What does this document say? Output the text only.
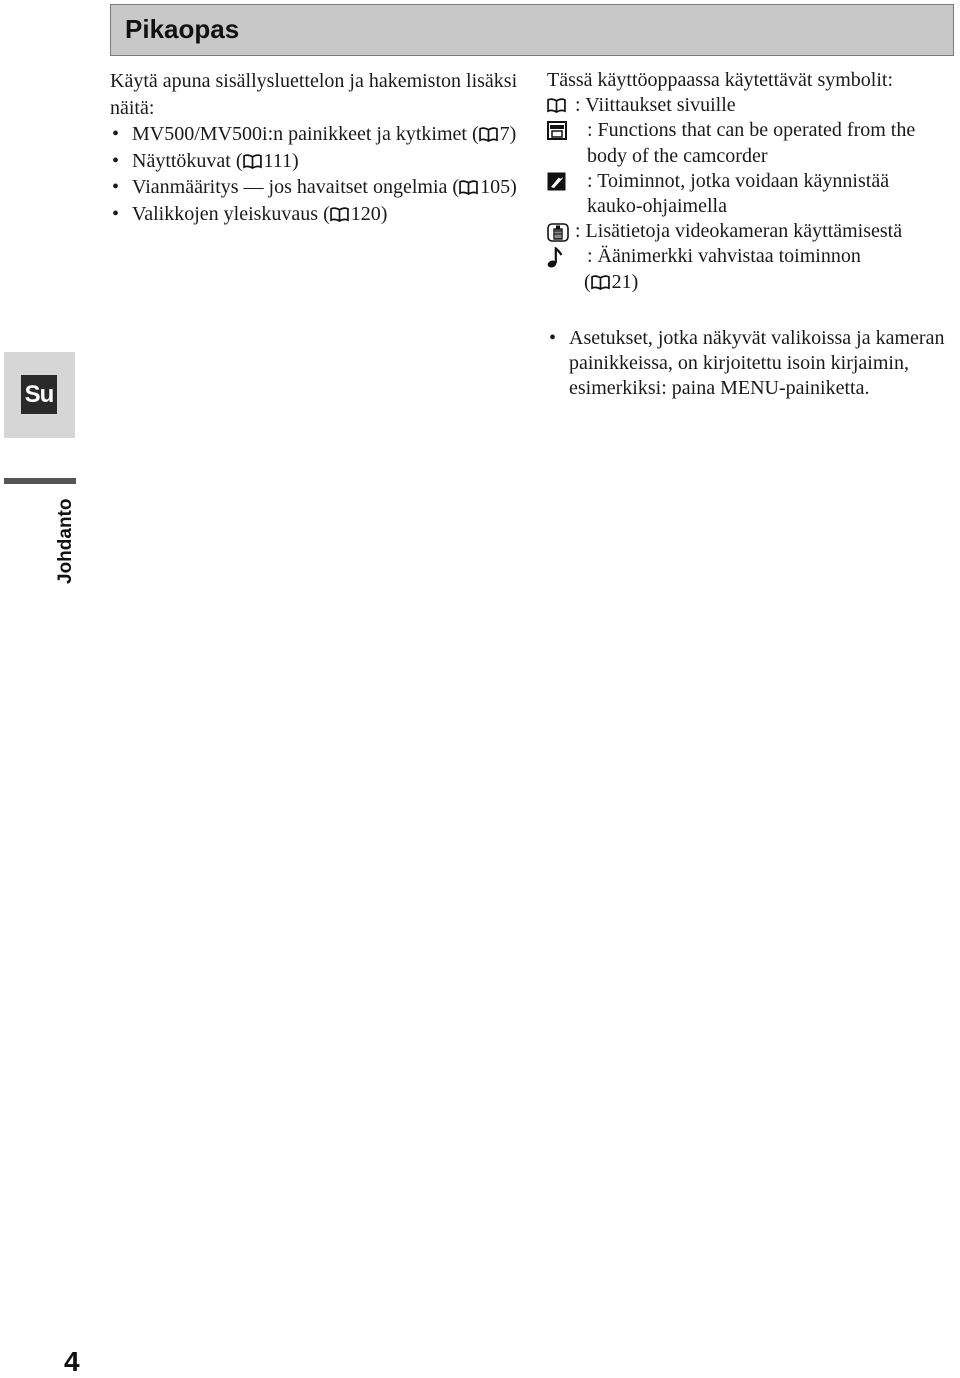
Pikaopas

Käytä apuna sisällysluettelon ja hakemiston lisäksi näitä:

• MV500/MV500i:n painikkeet ja kytkimet ( 7)
• Näyttökuvat ( 111)
• Vianmääritys — jos havaitset ongelmia ( 105)
• Valikkojen yleiskuvaus ( 120)

Tässä käyttöoppaassa käytettävät symbolit:

: Viittaukset sivuille
: Functions that can be operated from the
body of the camcorder
: Toiminnot, jotka voidaan käynnistää
kauko-ohjaimella
: Lisätietoja videokameran käyttämisestä
: Äänimerkki vahvistaa toiminnon
( 21)
• Asetukset, jotka näkyvät valikoissa ja kameran painikkeissa, on kirjoitettu isoin kirjaimin, esimerkiksi: paina MENU-painiketta.
Su
Johdanto
4
